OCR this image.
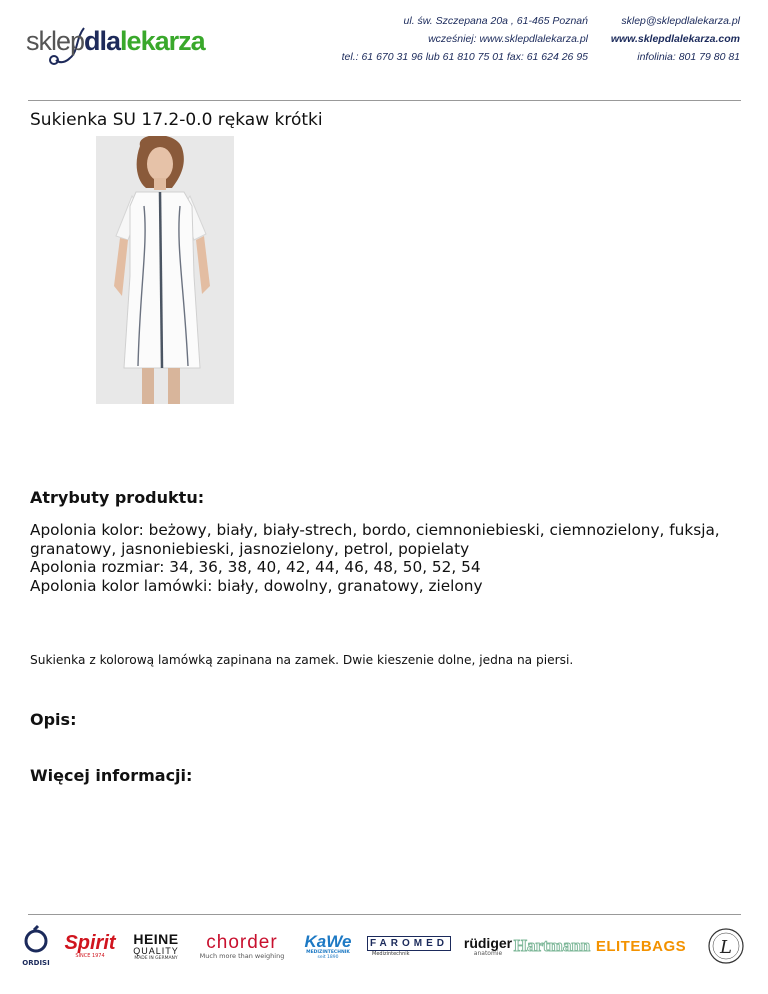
sklepdlalekarza
ul. św. Szczepana 20a , 61-465 Poznań
wcześniej: www.sklepdlalekarza.pl
tel.: 61 670 31 96 lub 61 810 75 01 fax: 61 624 26 95
sklep@sklepdlalekarza.pl
www.sklepdlalekarza.com
infolinia: 801 79 80 81
Sukienka SU 17.2-0.0 rękaw krótki
Atrybuty produktu:
Apolonia kolor: beżowy, biały, biały-strech, bordo, ciemnoniebieski, ciemnozielony, fuksja, granatowy, jasnoniebieski, jasnozielony, petrol, popielaty
Apolonia rozmiar: 34, 36, 38, 40, 42, 44, 46, 48, 50, 52, 54
Apolonia kolor lamówki: biały, dowolny, granatowy, zielony
Sukienka z kolorową lamówką zapinana na zamek. Dwie kieszenie dolne, jedna na piersi.
Opis:
Więcej informacji:
ORDISI
Spirit
SINCE 1974
HEINE
QUALITY
MADE IN GERMANY
chorder
Much more than weighing
KaWe
MEDIZINTECHNIK
seit 1890
FAROMED
Medizintechnik
rüdiger
anatomie Hartmann ELITEBAGS L
